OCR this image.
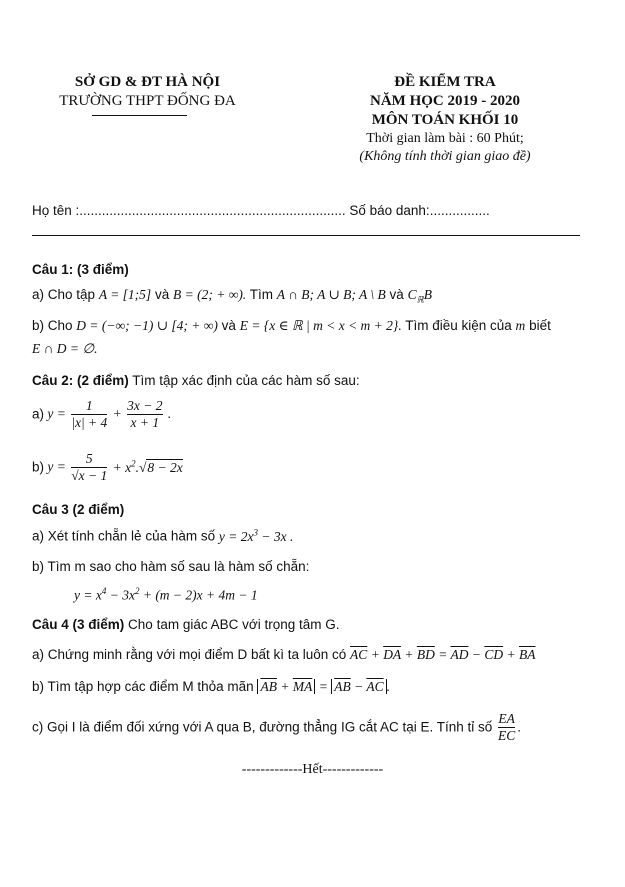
SỞ GD & ĐT HÀ NỘI
TRƯỜNG THPT ĐỐNG ĐA
ĐỀ KIỂM TRA
NĂM HỌC 2019 - 2020
MÔN TOÁN KHỐI 10
Thời gian làm bài : 60 Phút;
(Không tính thời gian giao đề)
Họ tên :....................................................................... Số báo danh:................
Câu 1: (3 điểm)
a) Cho tập A = [1;5] và B = (2; + ∞). Tìm A ∩ B; A ∪ B; A \ B và $C_ℝB$
b) Cho D = (−∞; −1) ∪ [4; + ∞) và E = {x ∈ ℝ | m < x < m + 2}. Tìm điều kiện của m biết
E ∩ D = ∅.
Câu 2: (2 điểm) Tìm tập xác định của các hàm số sau:
a) $y = \frac{1}{|x| + 4} + \frac{3x - 2}{x + 1}$ .
b) $y = \frac{5}{√x - 1} + x^2.√8 - 2x$
Câu 3 (2 điểm)
a) Xét tính chẵn lẻ của hàm số $y = 2x^3 - 3x$ .
b) Tìm m sao cho hàm số sau là hàm số chẵn:
$y = x^4 - 3x^2 + (m - 2)x + 4m - 1$
Câu 4 (3 điểm) Cho tam giác ABC với trọng tâm G.
a) Chứng minh rằng với mọi điểm D bất kì ta luôn có $\overline{AC} + \overline{DA} + \overline{BD} = \overline{AD} - \overline{CD} + \overline{BA}$
b) Tìm tập hợp các điểm M thỏa mãn $\overline{AB} + \overline{MA} = \overline{AB} - \overline{AC}$ .
c) Gọi I là điểm đối xứng với A qua B, đường thẳng IG cắt AC tại E. Tính tỉ số $\frac{EA}{EC}$ .
-------------Hết-------------
